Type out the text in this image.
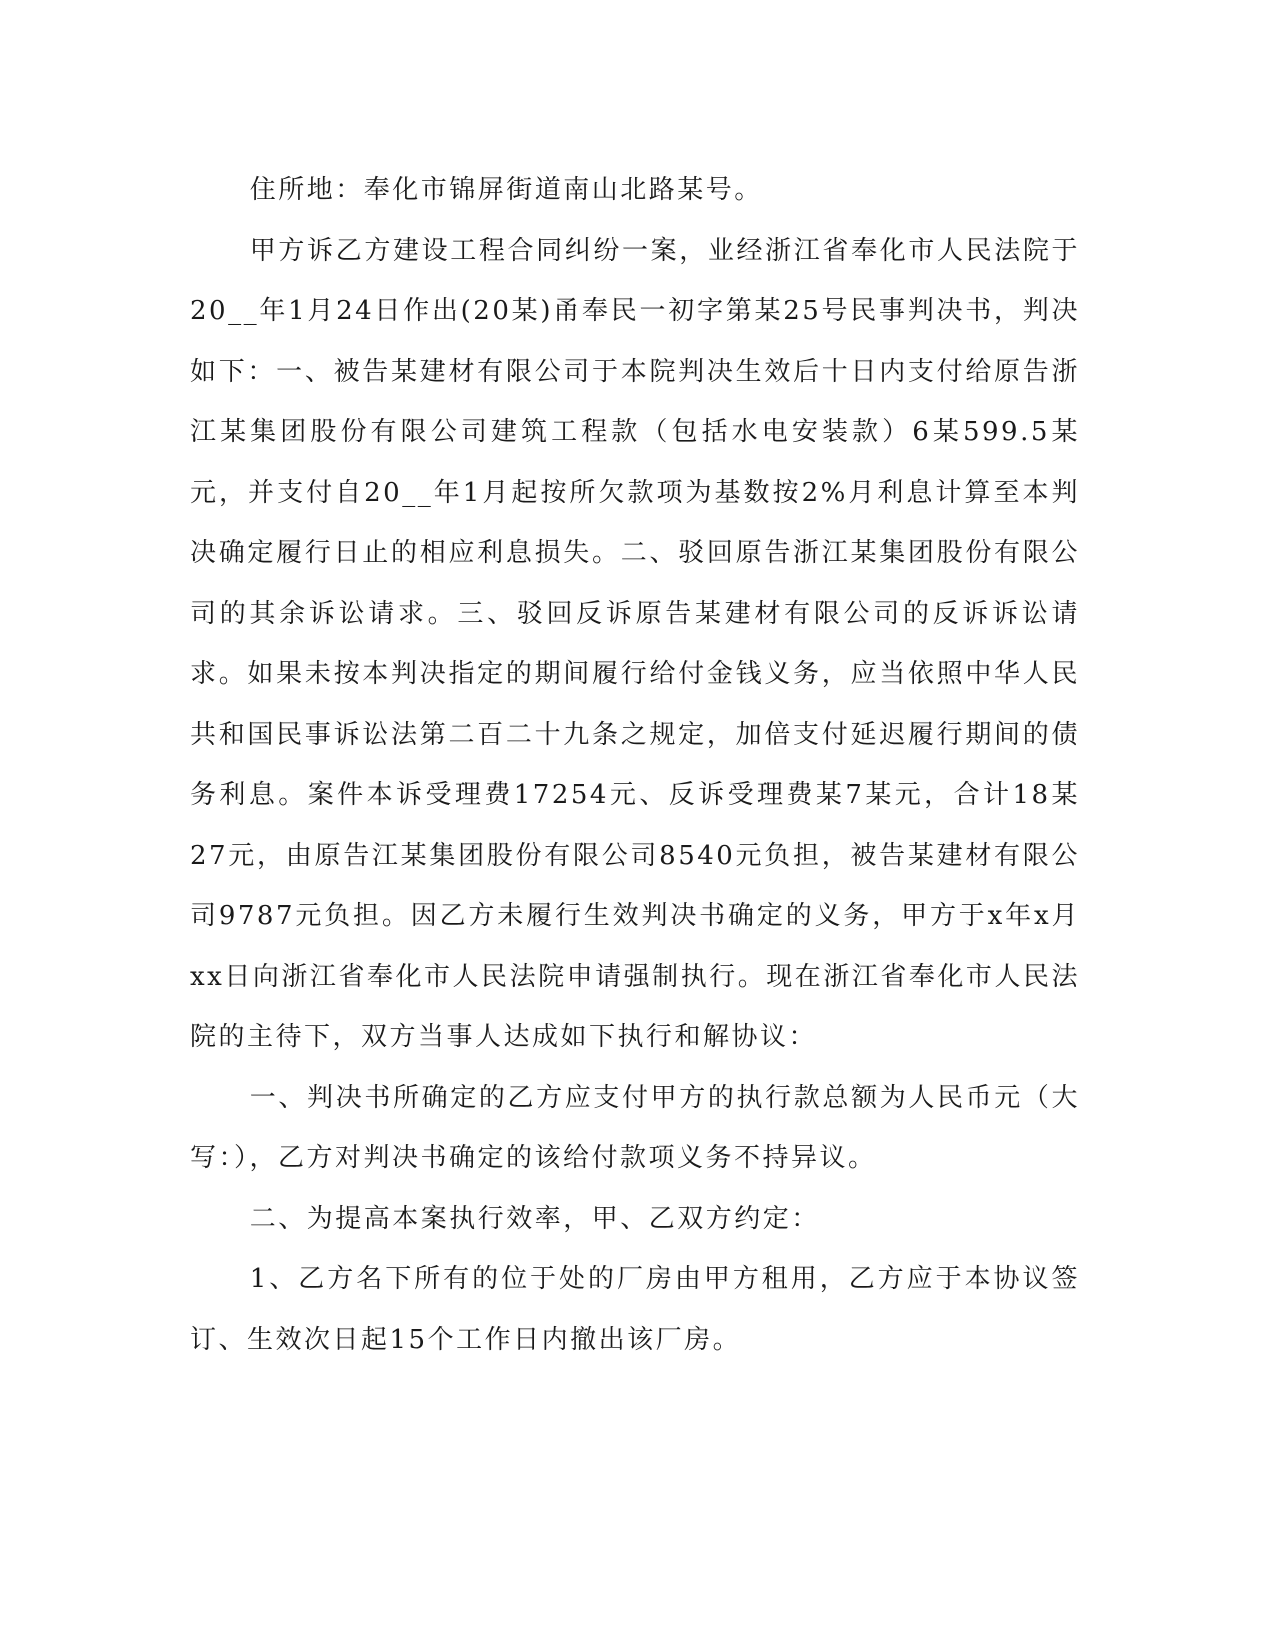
住所地：奉化市锦屏街道南山北路某号。

甲方诉乙方建设工程合同纠纷一案，业经浙江省奉化市人民法院于20__年1月24日作出(20某)甬奉民一初字第某25号民事判决书，判决如下：一、被告某建材有限公司于本院判决生效后十日内支付给原告浙江某集团股份有限公司建筑工程款（包括水电安装款）6某599.5某元，并支付自20__年1月起按所欠款项为基数按2%月利息计算至本判决确定履行日止的相应利息损失。二、驳回原告浙江某集团股份有限公司的其余诉讼请求。三、驳回反诉原告某建材有限公司的反诉诉讼请求。如果未按本判决指定的期间履行给付金钱义务，应当依照中华人民共和国民事诉讼法第二百二十九条之规定，加倍支付延迟履行期间的债务利息。案件本诉受理费17254元、反诉受理费某7某元，合计18某27元，由原告江某集团股份有限公司8540元负担，被告某建材有限公司9787元负担。因乙方未履行生效判决书确定的义务，甲方于x年x月xx日向浙江省奉化市人民法院申请强制执行。现在浙江省奉化市人民法院的主待下，双方当事人达成如下执行和解协议：

一、判决书所确定的乙方应支付甲方的执行款总额为人民币元（大写：），乙方对判决书确定的该给付款项义务不持异议。

二、为提高本案执行效率，甲、乙双方约定：

1、乙方名下所有的位于处的厂房由甲方租用，乙方应于本协议签订、生效次日起15个工作日内撤出该厂房。
